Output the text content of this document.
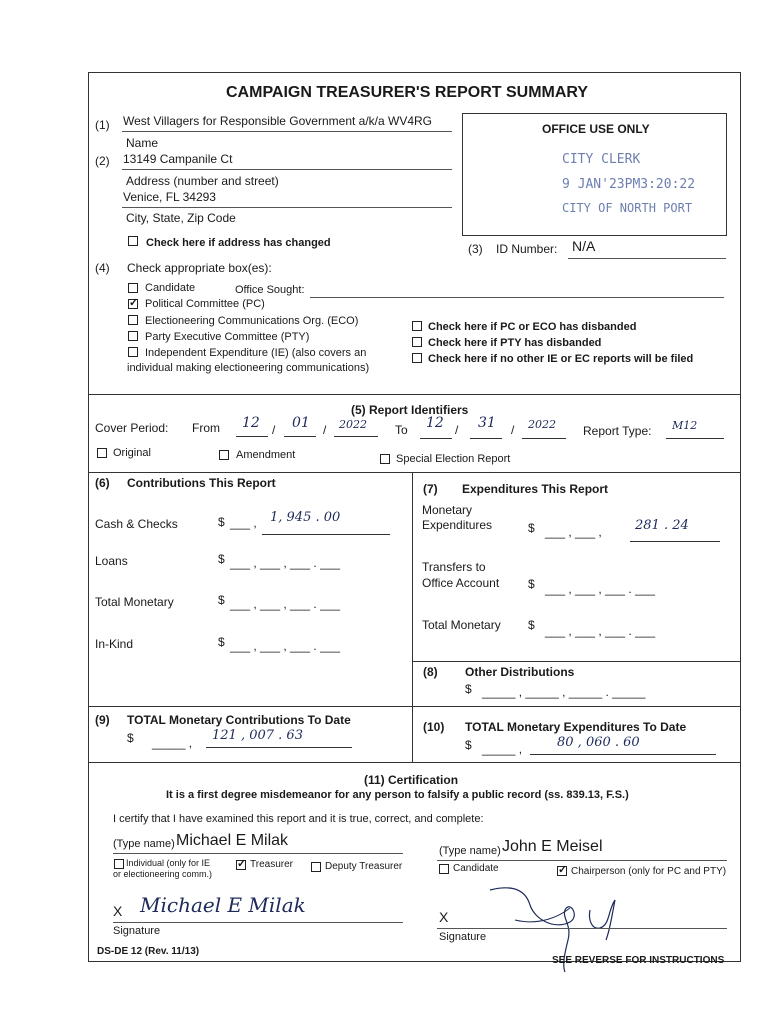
CAMPAIGN TREASURER'S REPORT SUMMARY
OFFICE USE ONLY
CITY CLERK
9 JAN'23PM3:20:22
CITY OF NORTH PORT
(1) West Villagers for Responsible Government a/k/a WV4RG
Name
(2) 13149 Campanile Ct
Address (number and street)
Venice, FL 34293
City, State, Zip Code
Check here if address has changed	(3) ID Number: N/A
(4) Check appropriate box(es):
Candidate	Office Sought:
✓
Political Committee (PC)
Electioneering Communications Org. (ECO)
Party Executive Committee (PTY)
Independent Expenditure (IE) (also covers an
individual making electioneering communications)
Check here if PC or ECO has disbanded
Check here if PTY has disbanded
Check here if no other IE or EC reports will be filed
(5) Report Identifiers
Cover Period: From 12 / 01 / 2022 To 12 / 31 / 2022 Report Type: M12
Original	Amendment	Special Election Report
(6) Contributions This Report
Cash & Checks	$ ___ , 1, 945 . 00
Loans	$ ___ , ___ , ___ . ___
Total Monetary	$ ___ , ___ , ___ . ___
In-Kind	$ ___ , ___ , ___ . ___
(7) Expenditures This Report
Monetary
Expenditures	$ ___ , ___ ,	281 . 24
Transfers to
Office Account $ ___ , ___ , ___ . ___
Total Monetary $ ___ , ___ , ___ . ___
(8) Other Distributions
$ _____ , _____ , _____ . _____
(9) TOTAL Monetary Contributions To Date
$ _____ , 121 , 007 . 63
(10) TOTAL Monetary Expenditures To Date
$ _____ ,	80 , 060 . 60
(11) Certification
It is a first degree misdemeanor for any person to falsify a public record (ss. 839.13, F.S.)
I certify that I have examined this report and it is true, correct, and complete:
(Type name) Michael E Milak
Individual (only for IE
or electioneering comm.)
✓
Treasurer	Deputy Treasurer
(Type name) John E Meisel
Candidate
✓	Chairperson (only for PC and PTY)
X Michael E Milak
Signature
X
Signature
DS-DE 12 (Rev. 11/13)
SEE REVERSE FOR INSTRUCTIONS
